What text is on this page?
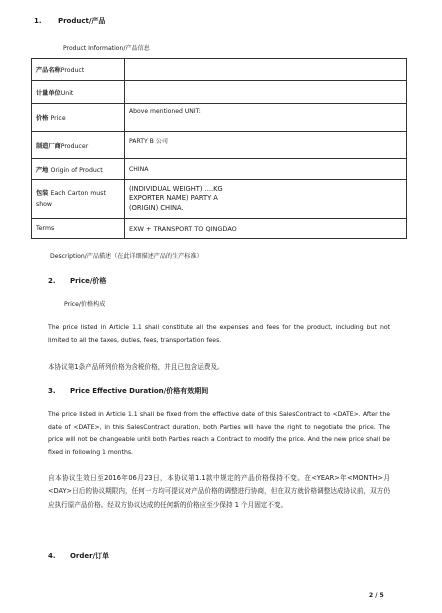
1. Product/产品
Product Information/产品信息
产品名称Product	
计量单位Unit	
价格 Price	Above mentioned UNIT:
制造厂商Producer	PARTY B 公司
产地 Origin of Product	CHINA
包装 Each Carton must show	(INDIVIDUAL WEIGHT) ....KG
EXPORTER NAME) PARTY A
(ORIGIN) CHINA.

Terms	EXW + TRANSPORT TO QINGDAO
Description/产品描述（在此详细描述产品的生产标准）
2. Price/价格
Price/价格构成
The price listed in Article 1.1 shall constitute all the expenses and fees for the product, including but not limited to all the taxes, duties, fees, transportation fees.
本协议第1条产品所列价格为含税价格，并且已包含运费及。
3. Price Effective Duration/价格有效期间
The price listed in Article 1.1 shall be fixed from the effective date of this SalesContract to <DATE>. After the date of <DATE>, in this SalesContract duration, both Parties will have the right to negotiate the price. The price will not be changeable until both Parties reach a Contract to modify the price. And the new price shall be fixed in following 1 months.
自本协议生效日至2016年06月23日，本协议第1.1款中规定的产品价格保持不变。在<YEAR>年<MONTH>月<DAY>日后的协议期限内，任何一方均可提议对产品价格的调整进行协商，但在双方就价格调整达成协议前，双方仍应执行原产品价格。经双方协议达成的任何新的价格应至少保持 1 个月固定不变。
4. Order/订单
2 / 5
